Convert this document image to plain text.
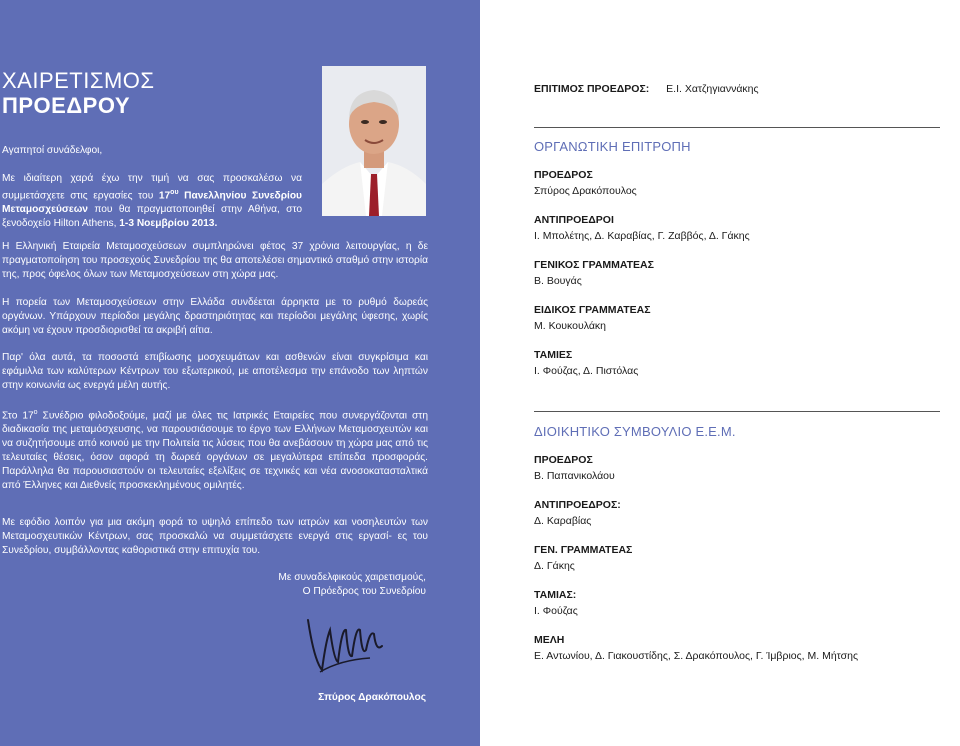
ΧΑΙΡΕΤΙΣΜΟΣ
ΠΡΟΕΔΡΟΥ

Αγαπητοί συνάδελφοι,

Με ιδιαίτερη χαρά έχω την τιμή να σας προσκαλέσω να συμμετάσχετε στις εργασίες του $17^{o\upsilon}$ Πανελληνίου Συνεδρίου Μεταμοσχεύσεων που θα πραγματοποιηθεί στην Αθήνα, στο ξενοδοχείο Hilton Athens, 1-3 Νοεμβρίου 2013.

Η Ελληνική Εταιρεία Μεταμοσχεύσεων συμπληρώνει φέτος 37 χρόνια λειτουργίας, η δε πραγματοποίηση του προσεχούς Συνεδρίου της θα αποτελέσει σημαντικό σταθμό στην ιστορία της, προς όφελος όλων των Μεταμοσχεύσεων στη χώρα μας.

Η πορεία των Μεταμοσχεύσεων στην Ελλάδα συνδέεται άρρηκτα με το ρυθμό δωρεάς οργάνων. Υπάρχουν περίοδοι μεγάλης δραστηριότητας και περίοδοι μεγάλης ύφεσης, χωρίς ακόμη να έχουν προσδιορισθεί τα ακριβή αίτια.

Παρ' όλα αυτά, τα ποσοστά επιβίωσης μοσχευμάτων και ασθενών είναι συγκρίσιμα και εφάμιλλα των καλύτερων Κέντρων του εξωτερικού, με αποτέλεσμα την επάνοδο των ληπτών στην κοινωνία ως ενεργά μέλη αυτής.

Στο $17^o$ Συνέδριο φιλοδοξούμε, μαζί με όλες τις Ιατρικές Εταιρείες που συνεργάζονται στη διαδικασία της μεταμόσχευσης, να παρουσιάσουμε το έργο των Ελλήνων Μεταμοσχευτών και να συζητήσουμε από κοινού με την Πολιτεία τις λύσεις που θα ανεβάσουν τη χώρα μας από τις τελευταίες θέσεις, όσον αφορά τη δωρεά οργάνων σε μεγαλύτερα επίπεδα προσφοράς. Παράλληλα θα παρουσιαστούν οι τελευταίες εξελίξεις σε τεχνικές και νέα ανοσοκατασταλτικά από Έλληνες και Διεθνείς προσκεκλημένους ομιλητές.

Με εφόδιο λοιπόν για μια ακόμη φορά το υψηλό επίπεδο των ιατρών και νοσηλευτών των Μεταμοσχευτικών Κέντρων, σας προσκαλώ να συμμετάσχετε ενεργά στις εργασί- ες του Συνεδρίου, συμβάλλοντας καθοριστικά στην επιτυχία του.

Με συναδελφικούς χαιρετισμούς,
Ο Πρόεδρος του Συνεδρίου
Σπύρος Δρακόπουλος
ΕΠΙΤΙΜΟΣ ΠΡΟΕΔΡΟΣ: Ε.Ι. Χατζηγιαννάκης
ΟΡΓΑΝΩΤΙΚΗ ΕΠΙΤΡΟΠΗ
ΠΡΟΕΔΡΟΣ
Σπύρος Δρακόπουλος
ΑΝΤΙΠΡΟΕΔΡΟΙ
Ι. Μπολέτης, Δ. Καραβίας, Γ. Ζαββός, Δ. Γάκης
ΓΕΝΙΚΟΣ ΓΡΑΜΜΑΤΕΑΣ
Β. Βουγάς
ΕΙΔΙΚΟΣ ΓΡΑΜΜΑΤΕΑΣ
Μ. Κουκουλάκη
ΤΑΜΙΕΣ
Ι. Φούζας, Δ. Πιστόλας
ΔΙΟΙΚΗΤΙΚΟ ΣΥΜΒΟΥΛΙΟ Ε.Ε.Μ.
ΠΡΟΕΔΡΟΣ
Β. Παπανικολάου
ΑΝΤΙΠΡΟΕΔΡΟΣ:
Δ. Καραβίας
ΓΕΝ. ΓΡΑΜΜΑΤΕΑΣ
Δ. Γάκης
ΤΑΜΙΑΣ:
Ι. Φούζας
ΜΕΛΗ
Ε. Αντωνίου, Δ. Γιακουστίδης, Σ. Δρακόπουλος, Γ. Ίμβριος, Μ. Μήτσης
